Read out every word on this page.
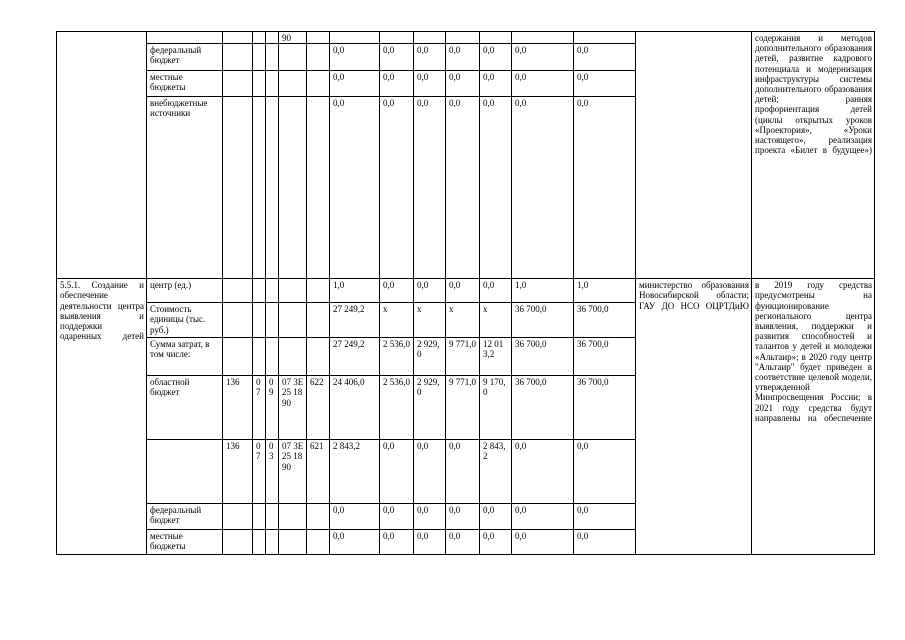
					90										содержания и методов дополнительного образования детей, развитие кадрового потенциала и модернизация инфраструктуры системы дополнительного образования детей; ранняя профориентация детей (циклы открытых уроков «Проектория», «Уроки настоящего», реализация проекта «Билет в будущее»)
	федеральный бюджет						0,0	0,0	0,0	0,0	0,0	0,0	0,0		
	местные бюджеты						0,0	0,0	0,0	0,0	0,0	0,0	0,0		
	внебюджетные источники						0,0	0,0	0,0	0,0	0,0	0,0	0,0		
5.5.1. Создание и обеспечение деятельности центра выявления и поддержки одаренных детей	центр (ед.)						1,0	0,0	0,0	0,0	0,0	1,0	1,0	министерство образования Новосибирской области; ГАУ ДО НСО ОЦРТДиЮ	в 2019 году средства предусмотрены на функционирование регионального центра выявления, поддержки и развития способностей и талантов у детей и молодежи «Альтаир»; в 2020 году центр "Альтаир" будет приведен в соответствие целевой модели, утвержденной Минпросвещения России; в 2021 году средства будут направлены на обеспечение
	Стоимость единицы (тыс. руб.)						27 249,2	х	х	х	х	36 700,0	36 700,0		
	Сумма затрат, в том числе:						27 249,2	2 536,0	2 929,0	9 771,0	12 013,2	36 700,0	36 700,0		
	областной бюджет	136	07	09	07 3Е 25 18 90	622	24 406,0	2 536,0	2 929,0	9 771,0	9 170,0	36 700,0	36 700,0		
		136	07	03	07 3Е 25 18 90	621	2 843,2	0,0	0,0	0,0	2 843,2	0,0	0,0		
	федеральный бюджет						0,0	0,0	0,0	0,0	0,0	0,0	0,0		
	местные бюджеты						0,0	0,0	0,0	0,0	0,0	0,0	0,0		
